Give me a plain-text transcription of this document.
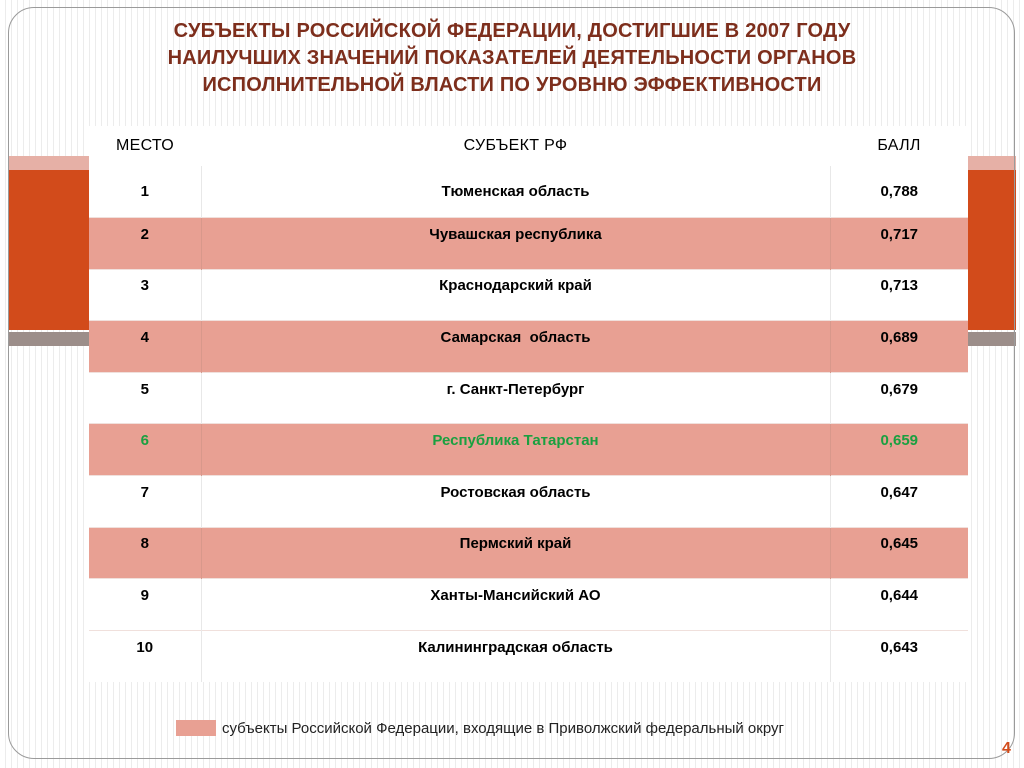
СУБЪЕКТЫ РОССИЙСКОЙ ФЕДЕРАЦИИ, ДОСТИГШИЕ В 2007 ГОДУ
НАИЛУЧШИХ ЗНАЧЕНИЙ ПОКАЗАТЕЛЕЙ ДЕЯТЕЛЬНОСТИ ОРГАНОВ
ИСПОЛНИТЕЛЬНОЙ ВЛАСТИ ПО УРОВНЮ ЭФФЕКТИВНОСТИ
МЕСТО	СУБЪЕКТ РФ	БАЛЛ
1	Тюменская область	0,788
2	Чувашская республика	0,717
3	Краснодарский край	0,713
4	Самарская  область	0,689
5	г. Санкт-Петербург	0,679
6	Республика Татарстан	0,659
7	Ростовская область	0,647
8	Пермский край	0,645
9	Ханты-Мансийский АО	0,644
10	Калининградская область	0,643
субъекты Российской Федерации, входящие в Приволжский федеральный округ
4
